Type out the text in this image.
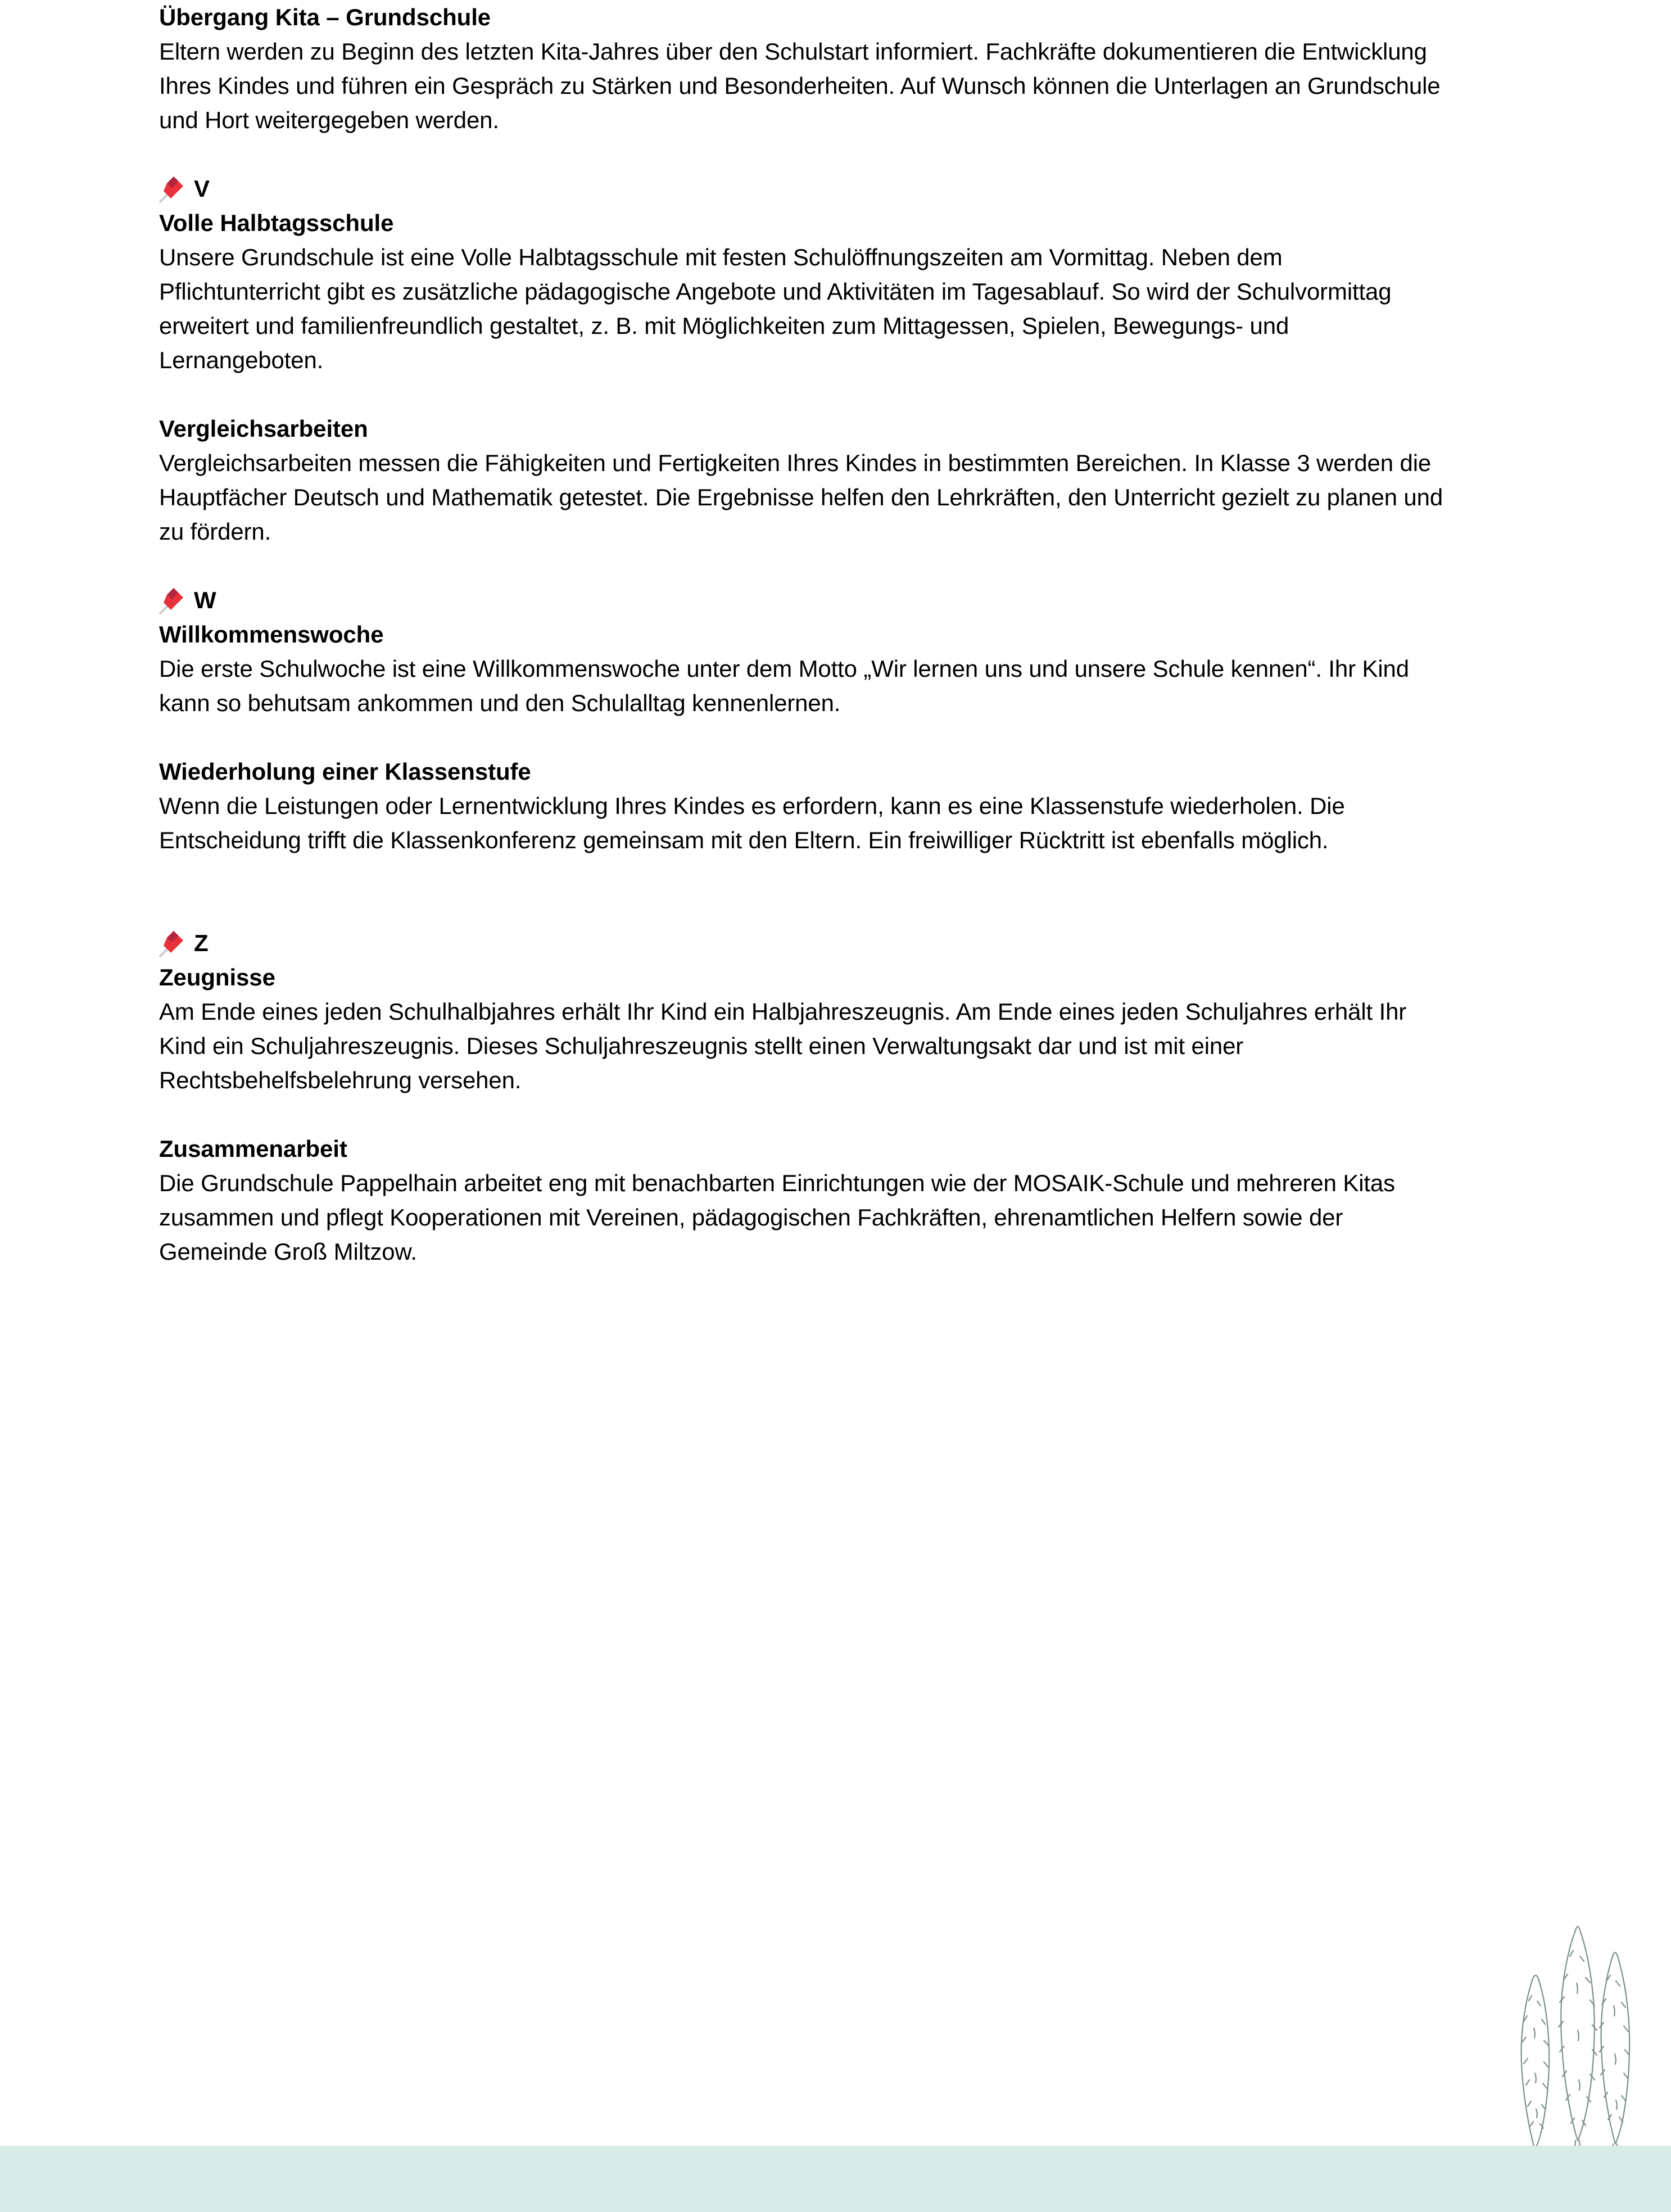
Übergang Kita – Grundschule

Eltern werden zu Beginn des letzten Kita-Jahres über den Schulstart informiert. Fachkräfte dokumentieren die Entwicklung Ihres Kindes und führen ein Gespräch zu Stärken und Besonderheiten. Auf Wunsch können die Unterlagen an Grundschule und Hort weitergegeben werden.

V
Volle Halbtagsschule

Unsere Grundschule ist eine Volle Halbtagsschule mit festen Schulöffnungszeiten am Vormittag. Neben dem Pflichtunterricht gibt es zusätzliche pädagogische Angebote und Aktivitäten im Tagesablauf. So wird der Schulvormittag erweitert und familienfreundlich gestaltet, z. B. mit Möglichkeiten zum Mittagessen, Spielen, Bewegungs- und Lernangeboten.

Vergleichsarbeiten

Vergleichsarbeiten messen die Fähigkeiten und Fertigkeiten Ihres Kindes in bestimmten Bereichen. In Klasse 3 werden die Hauptfächer Deutsch und Mathematik getestet. Die Ergebnisse helfen den Lehrkräften, den Unterricht gezielt zu planen und zu fördern.

W
Willkommenswoche

Die erste Schulwoche ist eine Willkommenswoche unter dem Motto „Wir lernen uns und unsere Schule kennen“. Ihr Kind kann so behutsam ankommen und den Schulalltag kennenlernen.

Wiederholung einer Klassenstufe

Wenn die Leistungen oder Lernentwicklung Ihres Kindes es erfordern, kann es eine Klassenstufe wiederholen. Die Entscheidung trifft die Klassenkonferenz gemeinsam mit den Eltern. Ein freiwilliger Rücktritt ist ebenfalls möglich.

Z
Zeugnisse

Am Ende eines jeden Schulhalbjahres erhält Ihr Kind ein Halbjahreszeugnis. Am Ende eines jeden Schuljahres erhält Ihr Kind ein Schuljahreszeugnis. Dieses Schuljahreszeugnis stellt einen Verwaltungsakt dar und ist mit einer Rechtsbehelfsbelehrung versehen.

Zusammenarbeit

Die Grundschule Pappelhain arbeitet eng mit benachbarten Einrichtungen wie der MOSAIK-Schule und mehreren Kitas zusammen und pflegt Kooperationen mit Vereinen, pädagogischen Fachkräften, ehrenamtlichen Helfern sowie der Gemeinde Groß Miltzow.
